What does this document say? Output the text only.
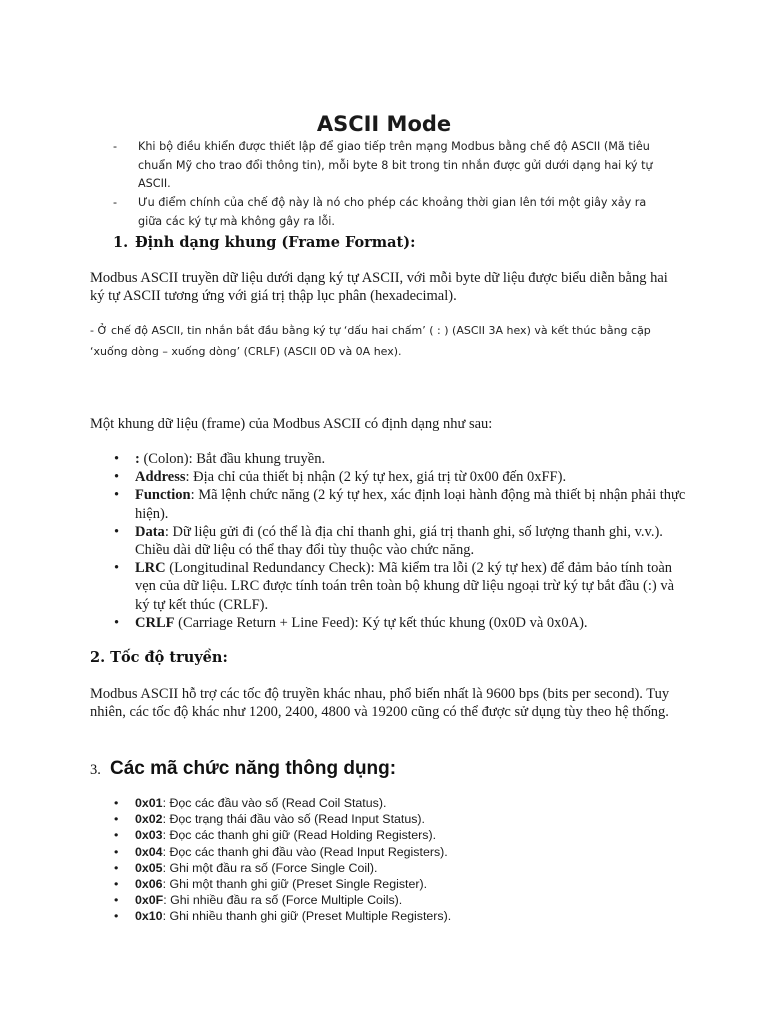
ASCII Mode
- Khi bộ điều khiển được thiết lập để giao tiếp trên mạng Modbus bằng chế độ ASCII (Mã tiêu chuẩn Mỹ cho trao đổi thông tin), mỗi byte 8 bit trong tin nhắn được gửi dưới dạng hai ký tự ASCII.
- Ưu điểm chính của chế độ này là nó cho phép các khoảng thời gian lên tới một giây xảy ra giữa các ký tự mà không gây ra lỗi.
1. Định dạng khung (Frame Format):

Modbus ASCII truyền dữ liệu dưới dạng ký tự ASCII, với mỗi byte dữ liệu được biểu diễn bằng hai ký tự ASCII tương ứng với giá trị thập lục phân (hexadecimal).

- Ở chế độ ASCII, tin nhắn bắt đầu bằng ký tự ‘dấu hai chấm’ ( : ) (ASCII 3A hex) và kết thúc bằng cặp ‘xuống dòng – xuống dòng’ (CRLF) (ASCII 0D và 0A hex).

Một khung dữ liệu (frame) của Modbus ASCII có định dạng như sau:

• : (Colon): Bắt đầu khung truyền.
• Address: Địa chỉ của thiết bị nhận (2 ký tự hex, giá trị từ 0x00 đến 0xFF).
• Function: Mã lệnh chức năng (2 ký tự hex, xác định loại hành động mà thiết bị nhận phải thực hiện).
• Data: Dữ liệu gửi đi (có thể là địa chỉ thanh ghi, giá trị thanh ghi, số lượng thanh ghi, v.v.). Chiều dài dữ liệu có thể thay đổi tùy thuộc vào chức năng.
• LRC (Longitudinal Redundancy Check): Mã kiểm tra lỗi (2 ký tự hex) để đảm bảo tính toàn vẹn của dữ liệu. LRC được tính toán trên toàn bộ khung dữ liệu ngoại trừ ký tự bắt đầu (:) và ký tự kết thúc (CRLF).
• CRLF (Carriage Return + Line Feed): Ký tự kết thúc khung (0x0D và 0x0A).
2. Tốc độ truyền:

Modbus ASCII hỗ trợ các tốc độ truyền khác nhau, phổ biến nhất là 9600 bps (bits per second). Tuy nhiên, các tốc độ khác như 1200, 2400, 4800 và 19200 cũng có thể được sử dụng tùy theo hệ thống.

3. Các mã chức năng thông dụng:
• 0x01: Đọc các đầu vào số (Read Coil Status).
• 0x02: Đọc trạng thái đầu vào số (Read Input Status).
• 0x03: Đọc các thanh ghi giữ (Read Holding Registers).
• 0x04: Đọc các thanh ghi đầu vào (Read Input Registers).
• 0x05: Ghi một đầu ra số (Force Single Coil).
• 0x06: Ghi một thanh ghi giữ (Preset Single Register).
• 0x0F: Ghi nhiều đầu ra số (Force Multiple Coils).
• 0x10: Ghi nhiều thanh ghi giữ (Preset Multiple Registers).
